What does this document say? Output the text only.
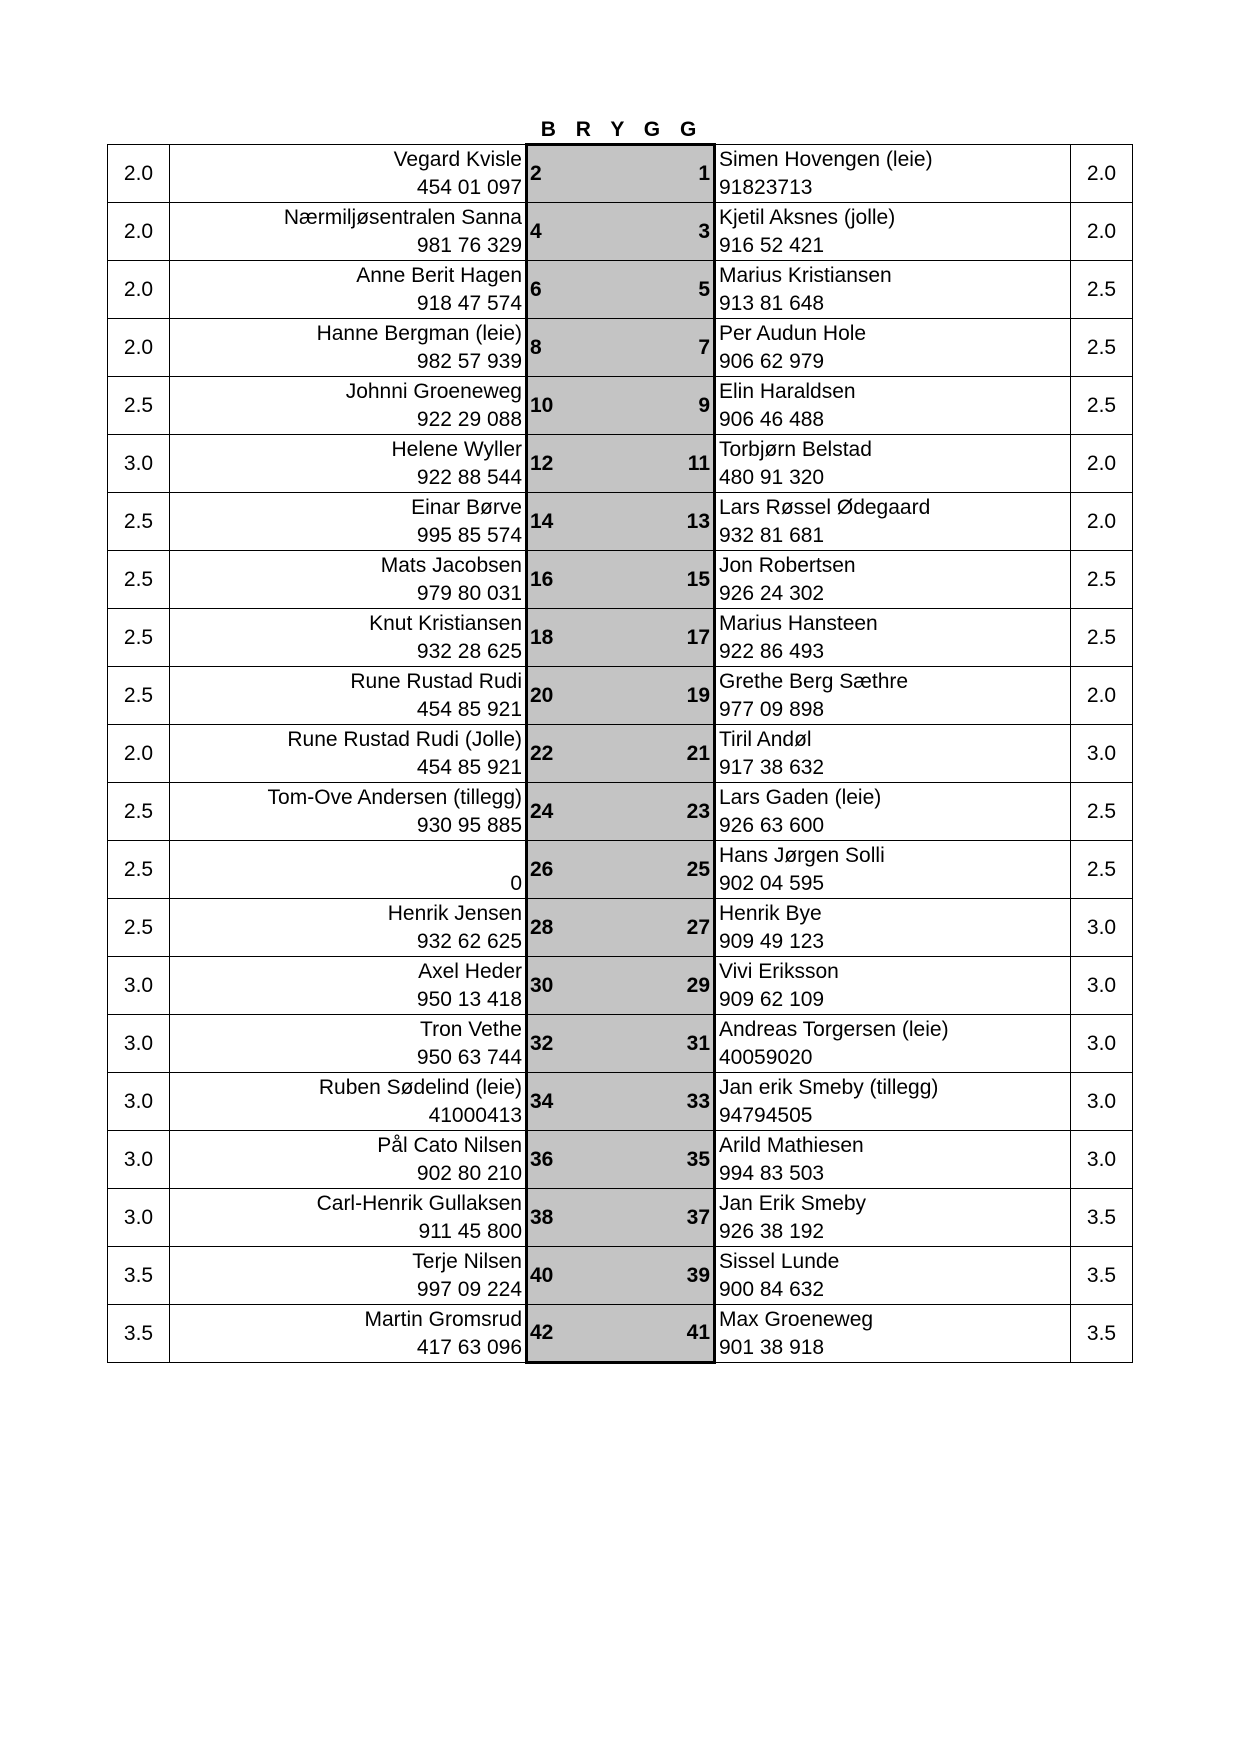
B R Y G G
2.0	Vegard Kvisle
454 01 097	2 1	Simen Hovengen (leie)
91823713	2.0
2.0	Nærmiljøsentralen Sanna
981 76 329	4 3	Kjetil Aksnes (jolle)
916 52 421	2.0
2.0	Anne Berit Hagen
918 47 574	6 5	Marius Kristiansen
913 81 648	2.5
2.0	Hanne Bergman (leie)
982 57 939	8 7	Per Audun Hole
906 62 979	2.5
2.5	Johnni Groeneweg
922 29 088	10 9	Elin Haraldsen
906 46 488	2.5
3.0	Helene Wyller
922 88 544	12 11	Torbjørn Belstad
480 91 320	2.0
2.5	Einar Børve
995 85 574	14 13	Lars Røssel Ødegaard
932 81 681	2.0
2.5	Mats Jacobsen
979 80 031	16 15	Jon Robertsen
926 24 302	2.5
2.5	Knut Kristiansen
932 28 625	18 17	Marius Hansteen
922 86 493	2.5
2.5	Rune Rustad Rudi
454 85 921	20 19	Grethe Berg Sæthre
977 09 898	2.0
2.0	Rune Rustad Rudi (Jolle)
454 85 921	22 21	Tiril Andøl
917 38 632	3.0
2.5	Tom-Ove Andersen (tillegg)
930 95 885	24 23	Lars Gaden (leie)
926 63 600	2.5
2.5	0	26 25	Hans Jørgen Solli
902 04 595	2.5
2.5	Henrik Jensen
932 62 625	28 27	Henrik Bye
909 49 123	3.0
3.0	Axel Heder
950 13 418	30 29	Vivi Eriksson
909 62 109	3.0
3.0	Tron Vethe
950 63 744	32 31	Andreas Torgersen (leie)
40059020	3.0
3.0	Ruben Sødelind (leie)
41000413	34 33	Jan erik Smeby (tillegg)
94794505	3.0
3.0	Pål Cato Nilsen
902 80 210	36 35	Arild Mathiesen
994 83 503	3.0
3.0	Carl-Henrik Gullaksen
911 45 800	38 37	Jan Erik Smeby
926 38 192	3.5
3.5	Terje Nilsen
997 09 224	40 39	Sissel Lunde
900 84 632	3.5
3.5	Martin Gromsrud
417 63 096	42 41	Max Groeneweg
901 38 918	3.5
